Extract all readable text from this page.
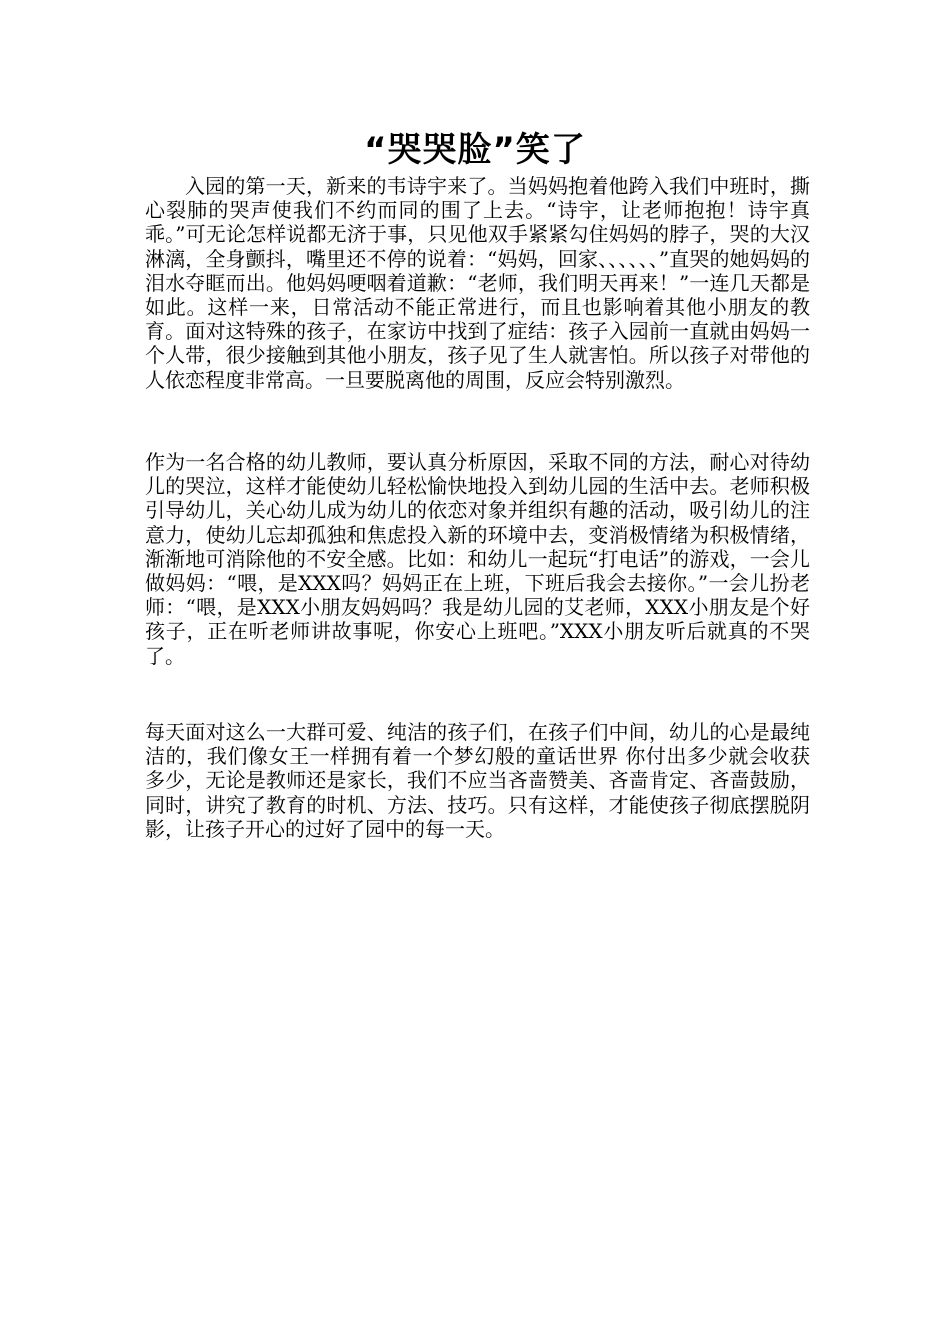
“哭哭脸”笑了
入园的第一天，新来的韦诗宇来了。当妈妈抱着他跨入我们中班时，撕心裂肺的哭声使我们不约而同的围了上去。“诗宇，让老师抱抱！诗宇真乖。”可无论怎样说都无济于事，只见他双手紧紧勾住妈妈的脖子，哭的大汉淋漓，全身颤抖，嘴里还不停的说着：“妈妈，回家、、、、、、”直哭的她妈妈的泪水夺眶而出。他妈妈哽咽着道歉：“老师，我们明天再来！”一连几天都是如此。这样一来，日常活动不能正常进行，而且也影响着其他小朋友的教育。面对这特殊的孩子，在家访中找到了症结：孩子入园前一直就由妈妈一个人带，很少接触到其他小朋友，孩子见了生人就害怕。所以孩子对带他的人依恋程度非常高。一旦要脱离他的周围，反应会特别激烈。
作为一名合格的幼儿教师，要认真分析原因，采取不同的方法，耐心对待幼儿的哭泣，这样才能使幼儿轻松愉快地投入到幼儿园的生活中去。老师积极引导幼儿，关心幼儿成为幼儿的依恋对象并组织有趣的活动，吸引幼儿的注意力，使幼儿忘却孤独和焦虑投入新的环境中去，变消极情绪为积极情绪，渐渐地可消除他的不安全感。比如：和幼儿一起玩“打电话”的游戏，一会儿做妈妈：“喂，是XXX吗？妈妈正在上班，下班后我会去接你。”一会儿扮老师：“喂，是XXX小朋友妈妈吗？我是幼儿园的艾老师，XXX小朋友是个好孩子，正在听老师讲故事呢，你安心上班吧。”XXX小朋友听后就真的不哭了。
每天面对这么一大群可爱、纯洁的孩子们，在孩子们中间，幼儿的心是最纯洁的，我们像女王一样拥有着一个梦幻般的童话世界 你付出多少就会收获多少，无论是教师还是家长，我们不应当吝啬赞美、吝啬肯定、吝啬鼓励，同时，讲究了教育的时机、方法、技巧。只有这样，才能使孩子彻底摆脱阴影，让孩子开心的过好了园中的每一天。
